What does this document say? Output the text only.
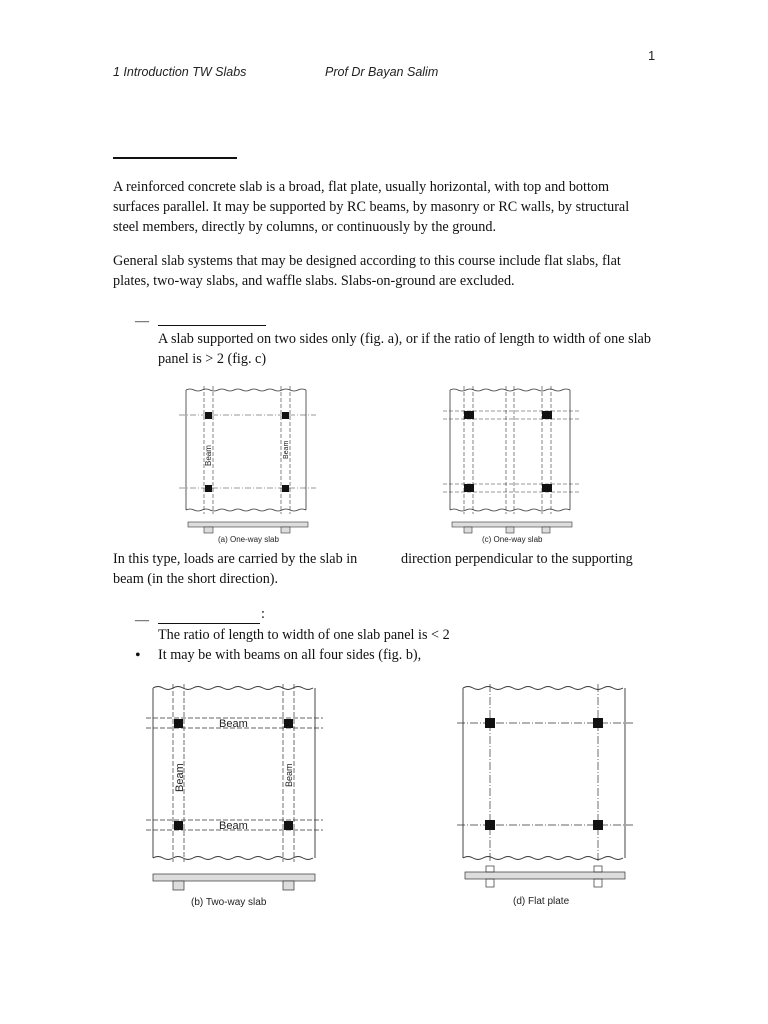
1
1 Introduction TW Slabs	Prof Dr Bayan Salim
A reinforced concrete slab is a broad, flat plate, usually horizontal, with top and bottom surfaces parallel. It may be supported by RC beams, by masonry or RC walls, by structural steel members, directly by columns, or continuously by the ground.
General slab systems that may be designed according to this course include flat slabs, flat plates, two-way slabs, and waffle slabs. Slabs-on-ground are excluded.
—
A slab supported on two sides only (fig. a), or if the ratio of length to width of one slab panel is > 2 (fig. c)
Beam	Beam
(a) One-way slab	(c) One-way slab
In this type, loads are carried by the slab in	direction perpendicular to the supporting
beam (in the short direction).
—	:
The ratio of length to width of one slab panel is < 2
• It may be with beams on all four sides (fig. b),
Beam
Beam
Beam	Beam
(b) Two-way slab	(d) Flat plate
